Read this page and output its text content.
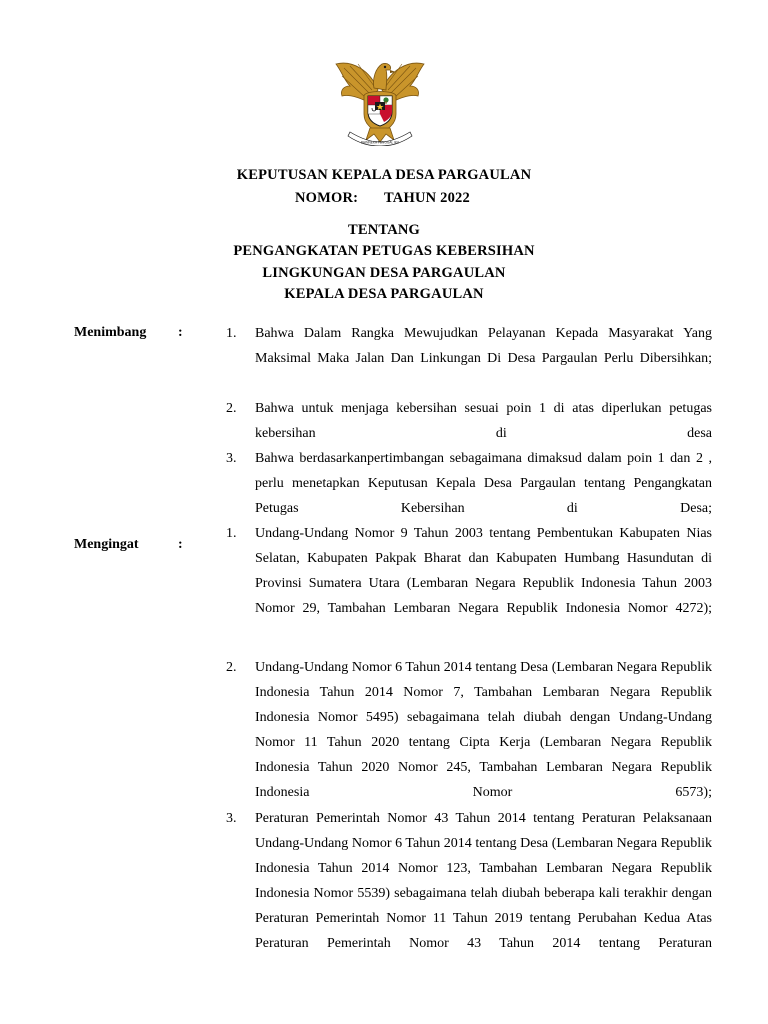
BHINNEKA TUNGGAL IKA
KEPUTUSAN KEPALA DESA PARGAULAN
NOMOR: TAHUN 2022
TENTANG
PENGANGKATAN PETUGAS KEBERSIHAN
LINGKUNGAN DESA PARGAULAN
KEPALA DESA PARGAULAN
Menimbang :	1. Bahwa Dalam Rangka Mewujudkan Pelayanan Kepada Masyarakat Yang Maksimal Maka Jalan Dan Linkungan Di Desa Pargaulan Perlu Dibersihkan;
2. Bahwa untuk menjaga kebersihan sesuai poin 1 di atas diperlukan petugas kebersihan di desa
3. Bahwa berdasarkanpertimbangan sebagaimana dimaksud dalam poin 1 dan 2 , perlu menetapkan Keputusan Kepala Desa Pargaulan tentang Pengangkatan Petugas Kebersihan di Desa;
Mengingat	:
1. Undang-Undang Nomor 9 Tahun 2003 tentang Pembentukan Kabupaten Nias Selatan, Kabupaten Pakpak Bharat dan Kabupaten Humbang Hasundutan di Provinsi Sumatera Utara (Lembaran Negara Republik Indonesia Tahun 2003 Nomor 29, Tambahan Lembaran Negara Republik Indonesia Nomor 4272);
2. Undang-Undang Nomor 6 Tahun 2014 tentang Desa (Lembaran Negara Republik Indonesia Tahun 2014 Nomor 7, Tambahan Lembaran Negara Republik Indonesia Nomor 5495) sebagaimana telah diubah dengan Undang-Undang Nomor 11 Tahun 2020 tentang Cipta Kerja (Lembaran Negara Republik Indonesia Tahun 2020 Nomor 245, Tambahan Lembaran Negara Republik Indonesia Nomor 6573);
3. Peraturan Pemerintah Nomor 43 Tahun 2014 tentang Peraturan Pelaksanaan Undang-Undang Nomor 6 Tahun 2014 tentang Desa (Lembaran Negara Republik Indonesia Tahun 2014 Nomor 123, Tambahan Lembaran Negara Republik Indonesia Nomor 5539) sebagaimana telah diubah beberapa kali terakhir dengan Peraturan Pemerintah Nomor 11 Tahun 2019 tentang Perubahan Kedua Atas Peraturan Pemerintah Nomor 43 Tahun 2014 tentang Peraturan
